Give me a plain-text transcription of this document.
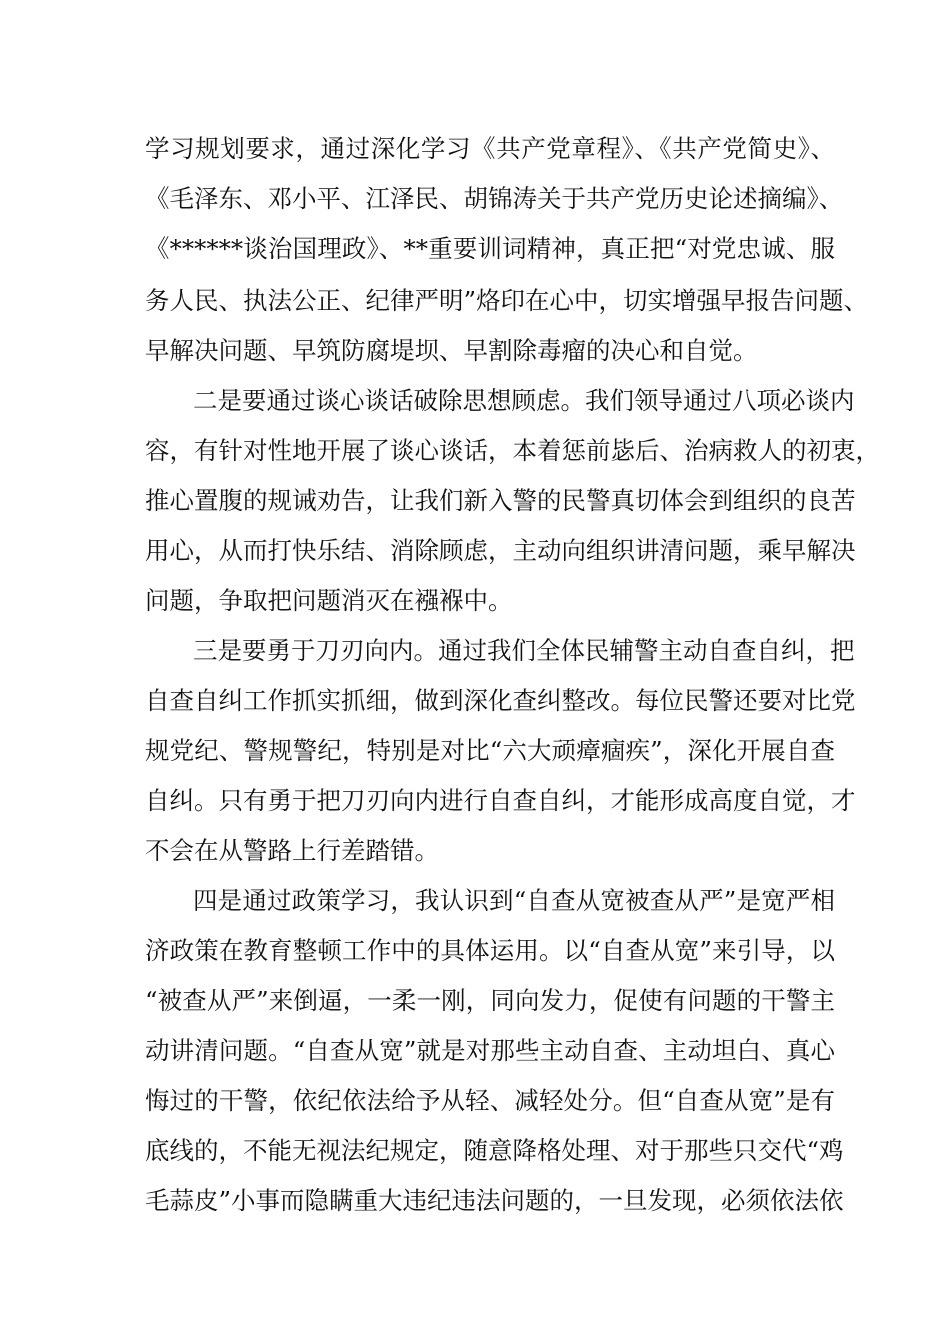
学习规划要求，通过深化学习《共产党章程》、《共产党简史》、
《毛泽东、邓小平、江泽民、胡锦涛关于共产党历史论述摘编》、
《******谈治国理政》、**重要训词精神，真正把“对党忠诚、服
务人民、执法公正、纪律严明”烙印在心中，切实增强早报告问题、
早解决问题、早筑防腐堤坝、早割除毒瘤的决心和自觉。
二是要通过谈心谈话破除思想顾虑。我们领导通过八项必谈内
容，有针对性地开展了谈心谈话，本着惩前毖后、治病救人的初衷，
推心置腹的规诫劝告，让我们新入警的民警真切体会到组织的良苦
用心，从而打快乐结、消除顾虑，主动向组织讲清问题，乘早解决
问题，争取把问题消灭在襁褓中。
三是要勇于刀刃向内。通过我们全体民辅警主动自查自纠，把
自查自纠工作抓实抓细，做到深化查纠整改。每位民警还要对比党
规党纪、警规警纪，特别是对比“六大顽瘴痼疾”，深化开展自查
自纠。只有勇于把刀刃向内进行自查自纠，才能形成高度自觉，才
不会在从警路上行差踏错。
四是通过政策学习，我认识到“自查从宽被查从严”是宽严相
济政策在教育整顿工作中的具体运用。以“自查从宽”来引导，以
“被查从严”来倒逼，一柔一刚，同向发力，促使有问题的干警主
动讲清问题。“自查从宽”就是对那些主动自查、主动坦白、真心
悔过的干警，依纪依法给予从轻、减轻处分。但“自查从宽”是有
底线的，不能无视法纪规定，随意降格处理、对于那些只交代“鸡
毛蒜皮”小事而隐瞒重大违纪违法问题的，一旦发现，必须依法依
